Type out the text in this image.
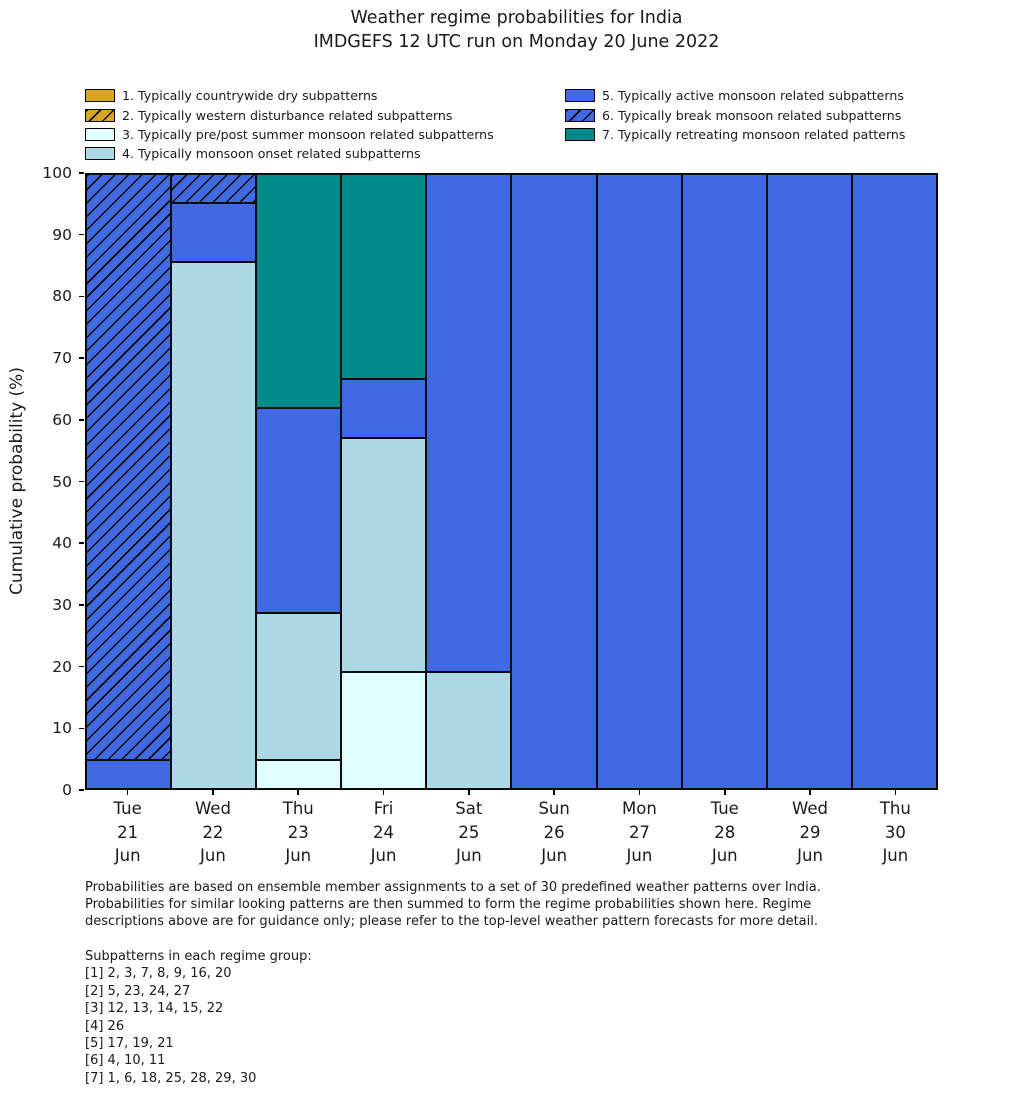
Weather regime probabilities for India
IMDGEFS 12 UTC run on Monday 20 June 2022
1. Typically countrywide dry subpatterns
2. Typically western disturbance related subpatterns
3. Typically pre/post summer monsoon related subpatterns
4. Typically monsoon onset related subpatterns
5. Typically active monsoon related subpatterns
6. Typically break monsoon related subpatterns
7. Typically retreating monsoon related patterns
Cumulative probability (%)
0
10
20
30
40
50
60
70
80
90
100
Tue
21
Jun
Wed
22
Jun
Thu
23
Jun
Fri
24
Jun
Sat
25
Jun
Sun
26
Jun
Mon
27
Jun
Tue
28
Jun
Wed
29
Jun
Thu
30
Jun
Probabilities are based on ensemble member assignments to a set of 30 predefined weather patterns over India.
Probabilities for similar looking patterns are then summed to form the regime probabilities shown here. Regime
descriptions above are for guidance only; please refer to the top-level weather pattern forecasts for more detail.
Subpatterns in each regime group:
[1] 2, 3, 7, 8, 9, 16, 20
[2] 5, 23, 24, 27
[3] 12, 13, 14, 15, 22
[4] 26
[5] 17, 19, 21
[6] 4, 10, 11
[7] 1, 6, 18, 25, 28, 29, 30
